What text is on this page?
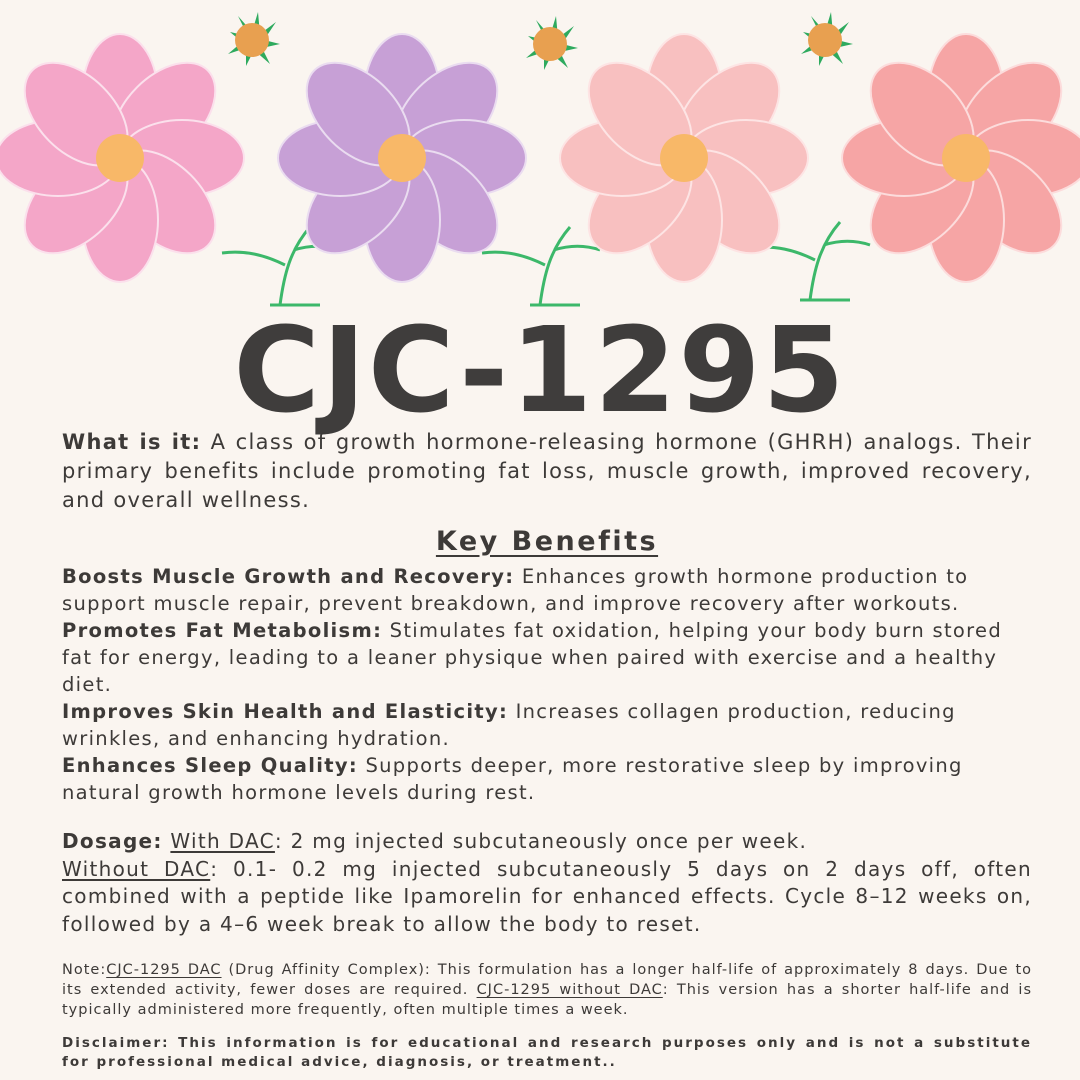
CJC-1295

What is it: A class of growth hormone-releasing hormone (GHRH) analogs. Their primary benefits include promoting fat loss, muscle growth, improved recovery, and overall wellness.

Key Benefits
Boosts Muscle Growth and Recovery: Enhances growth hormone production to support muscle repair, prevent breakdown, and improve recovery after workouts.
Promotes Fat Metabolism: Stimulates fat oxidation, helping your body burn stored fat for energy, leading to a leaner physique when paired with exercise and a healthy diet.
Improves Skin Health and Elasticity: Increases collagen production, reducing wrinkles, and enhancing hydration.
Enhances Sleep Quality: Supports deeper, more restorative sleep by improving natural growth hormone levels during rest.
Dosage: With DAC: 2 mg injected subcutaneously once per week.
Without DAC: 0.1- 0.2 mg injected subcutaneously 5 days on 2 days off, often combined with a peptide like Ipamorelin for enhanced effects. Cycle 8–12 weeks on, followed by a 4–6 week break to allow the body to reset.
Note:CJC-1295 DAC (Drug Affinity Complex): This formulation has a longer half-life of approximately 8 days. Due to its extended activity, fewer doses are required. CJC-1295 without DAC: This version has a shorter half-life and is typically administered more frequently, often multiple times a week.
Disclaimer: This information is for educational and research purposes only and is not a substitute for professional medical advice, diagnosis, or treatment..
